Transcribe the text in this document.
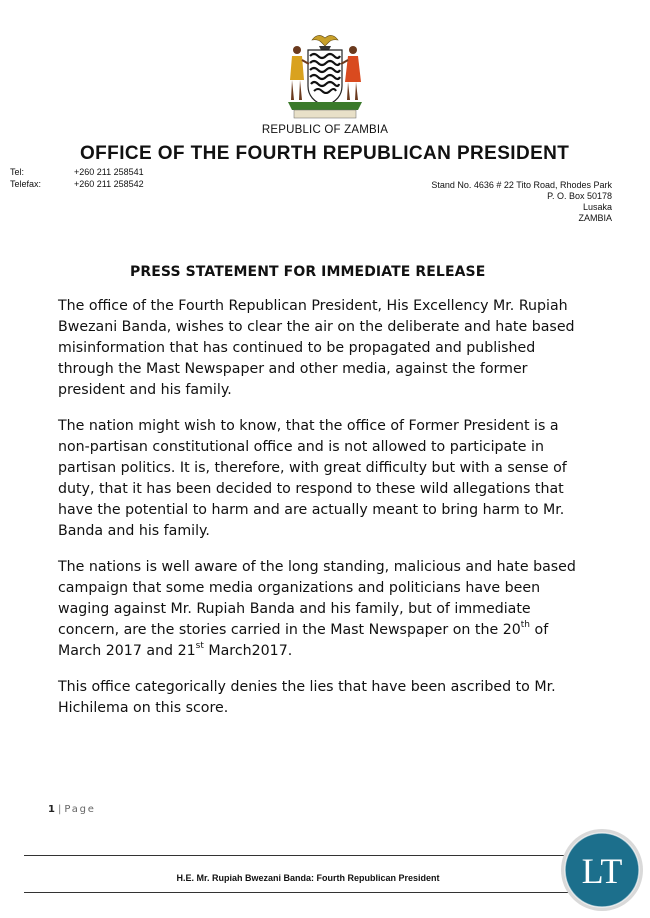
REPUBLIC OF ZAMBIA
OFFICE OF THE FOURTH REPUBLICAN PRESIDENT
Tel:	+260 211 258541
Telefax:	+260 211 258542	Stand No. 4636 # 22 Tito Road, Rhodes Park
P. O. Box 50178
Lusaka
ZAMBIA
PRESS STATEMENT FOR IMMEDIATE RELEASE

The office of the Fourth Republican President, His Excellency Mr. Rupiah Bwezani Banda, wishes to clear the air on the deliberate and hate based misinformation that has continued to be propagated and published through the Mast Newspaper and other media, against the former president and his family.

The nation might wish to know, that the office of Former President is a non-partisan constitutional office and is not allowed to participate in partisan politics. It is, therefore, with great difficulty but with a sense of duty, that it has been decided to respond to these wild allegations that have the potential to harm and are actually meant to bring harm to Mr. Banda and his family.

The nations is well aware of the long standing, malicious and hate based campaign that some media organizations and politicians have been waging against Mr. Rupiah Banda and his family, but of immediate concern, are the stories carried in the Mast Newspaper on the 20th of March 2017 and 21st March2017.

This office categorically denies the lies that have been ascribed to Mr. Hichilema on this score.

1 | Page
H.E. Mr. Rupiah Bwezani Banda: Fourth Republican President	LT
